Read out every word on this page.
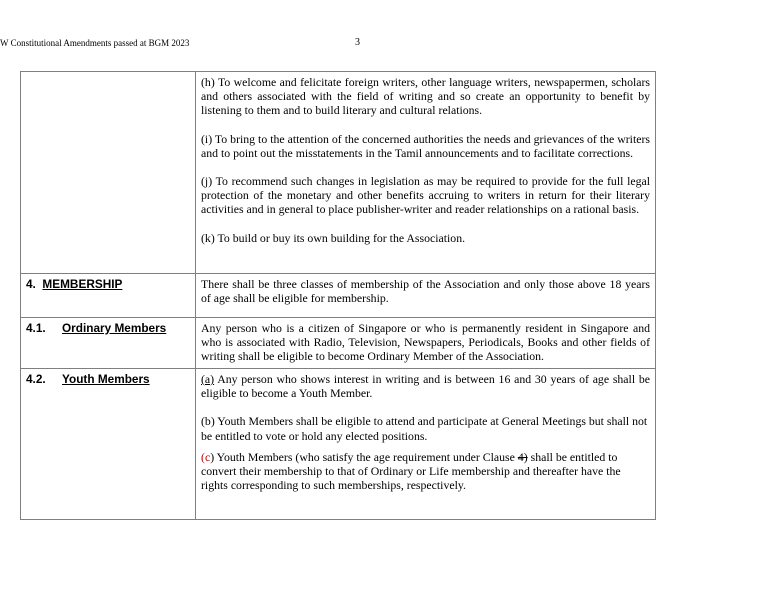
W Constitutional Amendments passed at BGM 2023	3

	(h) To welcome and felicitate foreign writers, other language writers, newspapermen, scholars and others associated with the field of writing and so create an opportunity to benefit by listening to them and to build literary and cultural relations.

(i) To bring to the attention of the concerned authorities the needs and grievances of the writers and to point out the misstatements in the Tamil announcements and to facilitate corrections.

(j) To recommend such changes in legislation as may be required to provide for the full legal protection of the monetary and other benefits accruing to writers in return for their literary activities and in general to place publisher-writer and reader relationships on a rational basis.

(k) To build or buy its own building for the Association.

4. MEMBERSHIP	There shall be three classes of membership of the Association and only those above 18 years of age shall be eligible for membership.
4.1. Ordinary Members	Any person who is a citizen of Singapore or who is permanently resident in Singapore and who is associated with Radio, Television, Newspapers, Periodicals, Books and other fields of writing shall be eligible to become Ordinary Member of the Association.
4.2. Youth Members	(a) Any person who shows interest in writing and is between 16 and 30 years of age shall be eligible to become a Youth Member.

(b) Youth Members shall be eligible to attend and participate at General Meetings but shall not be entitled to vote or hold any elected positions.

(c) Youth Members (who satisfy the age requirement under Clause 4) shall be entitled to convert their membership to that of Ordinary or Life membership and thereafter have the rights corresponding to such memberships, respectively.
